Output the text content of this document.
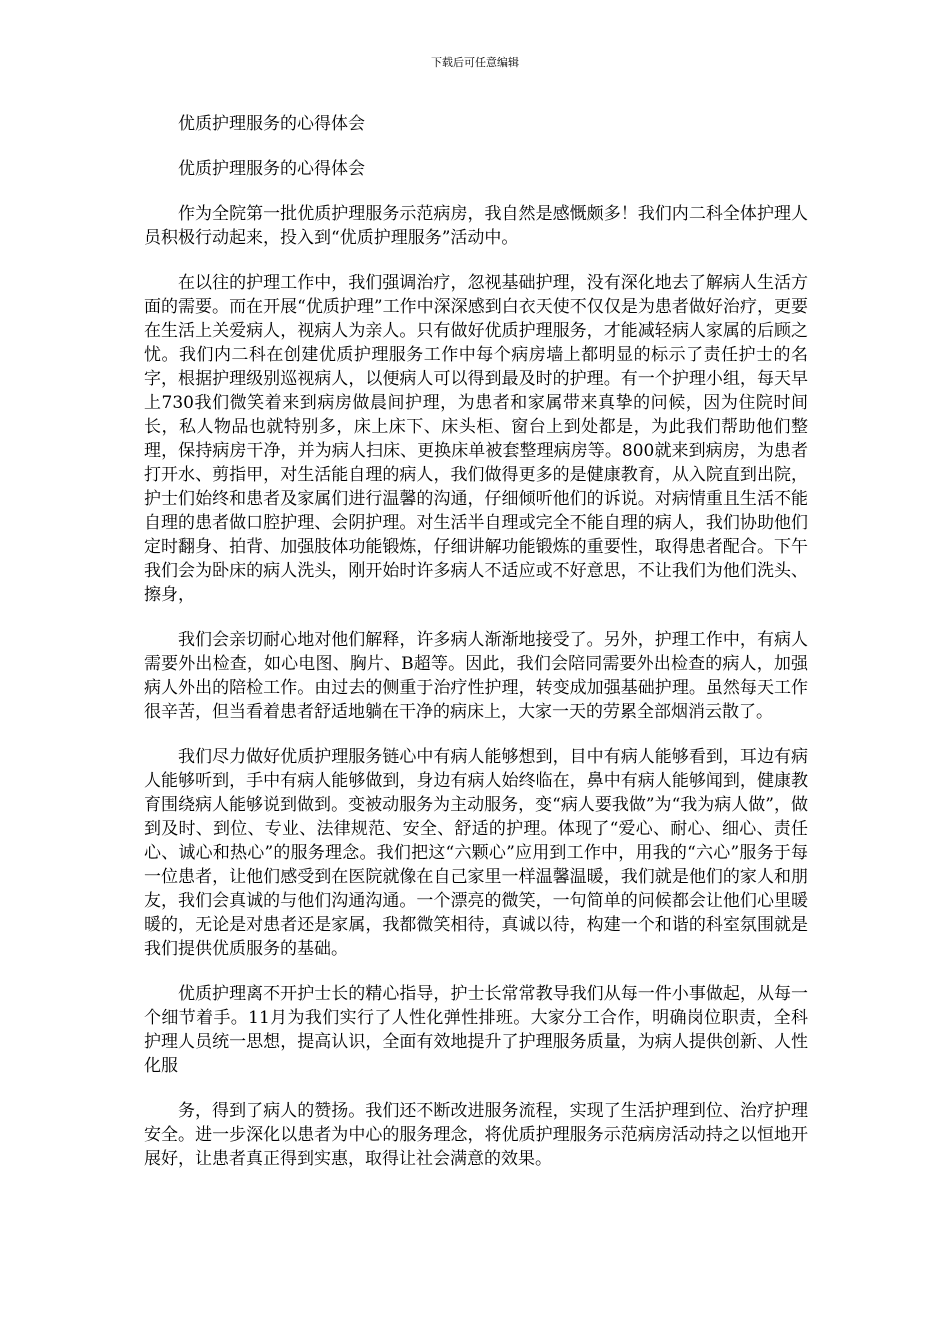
下载后可任意编辑

优质护理服务的心得体会

优质护理服务的心得体会

作为全院第一批优质护理服务示范病房，我自然是感慨颇多！我们内二科全体护理人员积极行动起来，投入到“优质护理服务”活动中。

在以往的护理工作中，我们强调治疗，忽视基础护理，没有深化地去了解病人生活方面的需要。而在开展“优质护理”工作中深深感到白衣天使不仅仅是为患者做好治疗，更要在生活上关爱病人，视病人为亲人。只有做好优质护理服务，才能减轻病人家属的后顾之忧。我们内二科在创建优质护理服务工作中每个病房墙上都明显的标示了责任护士的名字，根据护理级别巡视病人，以便病人可以得到最及时的护理。有一个护理小组，每天早上730我们微笑着来到病房做晨间护理，为患者和家属带来真挚的问候，因为住院时间长，私人物品也就特别多，床上床下、床头柜、窗台上到处都是，为此我们帮助他们整理，保持病房干净，并为病人扫床、更换床单被套整理病房等。800就来到病房，为患者打开水、剪指甲，对生活能自理的病人，我们做得更多的是健康教育，从入院直到出院，护士们始终和患者及家属们进行温馨的沟通，仔细倾听他们的诉说。对病情重且生活不能自理的患者做口腔护理、会阴护理。对生活半自理或完全不能自理的病人，我们协助他们定时翻身、拍背、加强肢体功能锻炼，仔细讲解功能锻炼的重要性，取得患者配合。下午我们会为卧床的病人洗头，刚开始时许多病人不适应或不好意思，不让我们为他们洗头、擦身，

我们会亲切耐心地对他们解释，许多病人渐渐地接受了。另外，护理工作中，有病人需要外出检查，如心电图、胸片、B超等。因此，我们会陪同需要外出检查的病人，加强病人外出的陪检工作。由过去的侧重于治疗性护理，转变成加强基础护理。虽然每天工作很辛苦，但当看着患者舒适地躺在干净的病床上，大家一天的劳累全部烟消云散了。

我们尽力做好优质护理服务链心中有病人能够想到，目中有病人能够看到，耳边有病人能够听到，手中有病人能够做到，身边有病人始终临在，鼻中有病人能够闻到，健康教育围绕病人能够说到做到。变被动服务为主动服务，变“病人要我做”为“我为病人做”，做到及时、到位、专业、法律规范、安全、舒适的护理。体现了“爱心、耐心、细心、责任心、诚心和热心”的服务理念。我们把这“六颗心”应用到工作中，用我的“六心”服务于每一位患者，让他们感受到在医院就像在自己家里一样温馨温暖，我们就是他们的家人和朋友，我们会真诚的与他们沟通沟通。一个漂亮的微笑，一句简单的问候都会让他们心里暖暖的，无论是对患者还是家属，我都微笑相待，真诚以待，构建一个和谐的科室氛围就是我们提供优质服务的基础。

优质护理离不开护士长的精心指导，护士长常常教导我们从每一件小事做起，从每一个细节着手。11月为我们实行了人性化弹性排班。大家分工合作，明确岗位职责，全科护理人员统一思想，提高认识，全面有效地提升了护理服务质量，为病人提供创新、人性化服

务，得到了病人的赞扬。我们还不断改进服务流程，实现了生活护理到位、治疗护理安全。进一步深化以患者为中心的服务理念，将优质护理服务示范病房活动持之以恒地开展好，让患者真正得到实惠，取得让社会满意的效果。
